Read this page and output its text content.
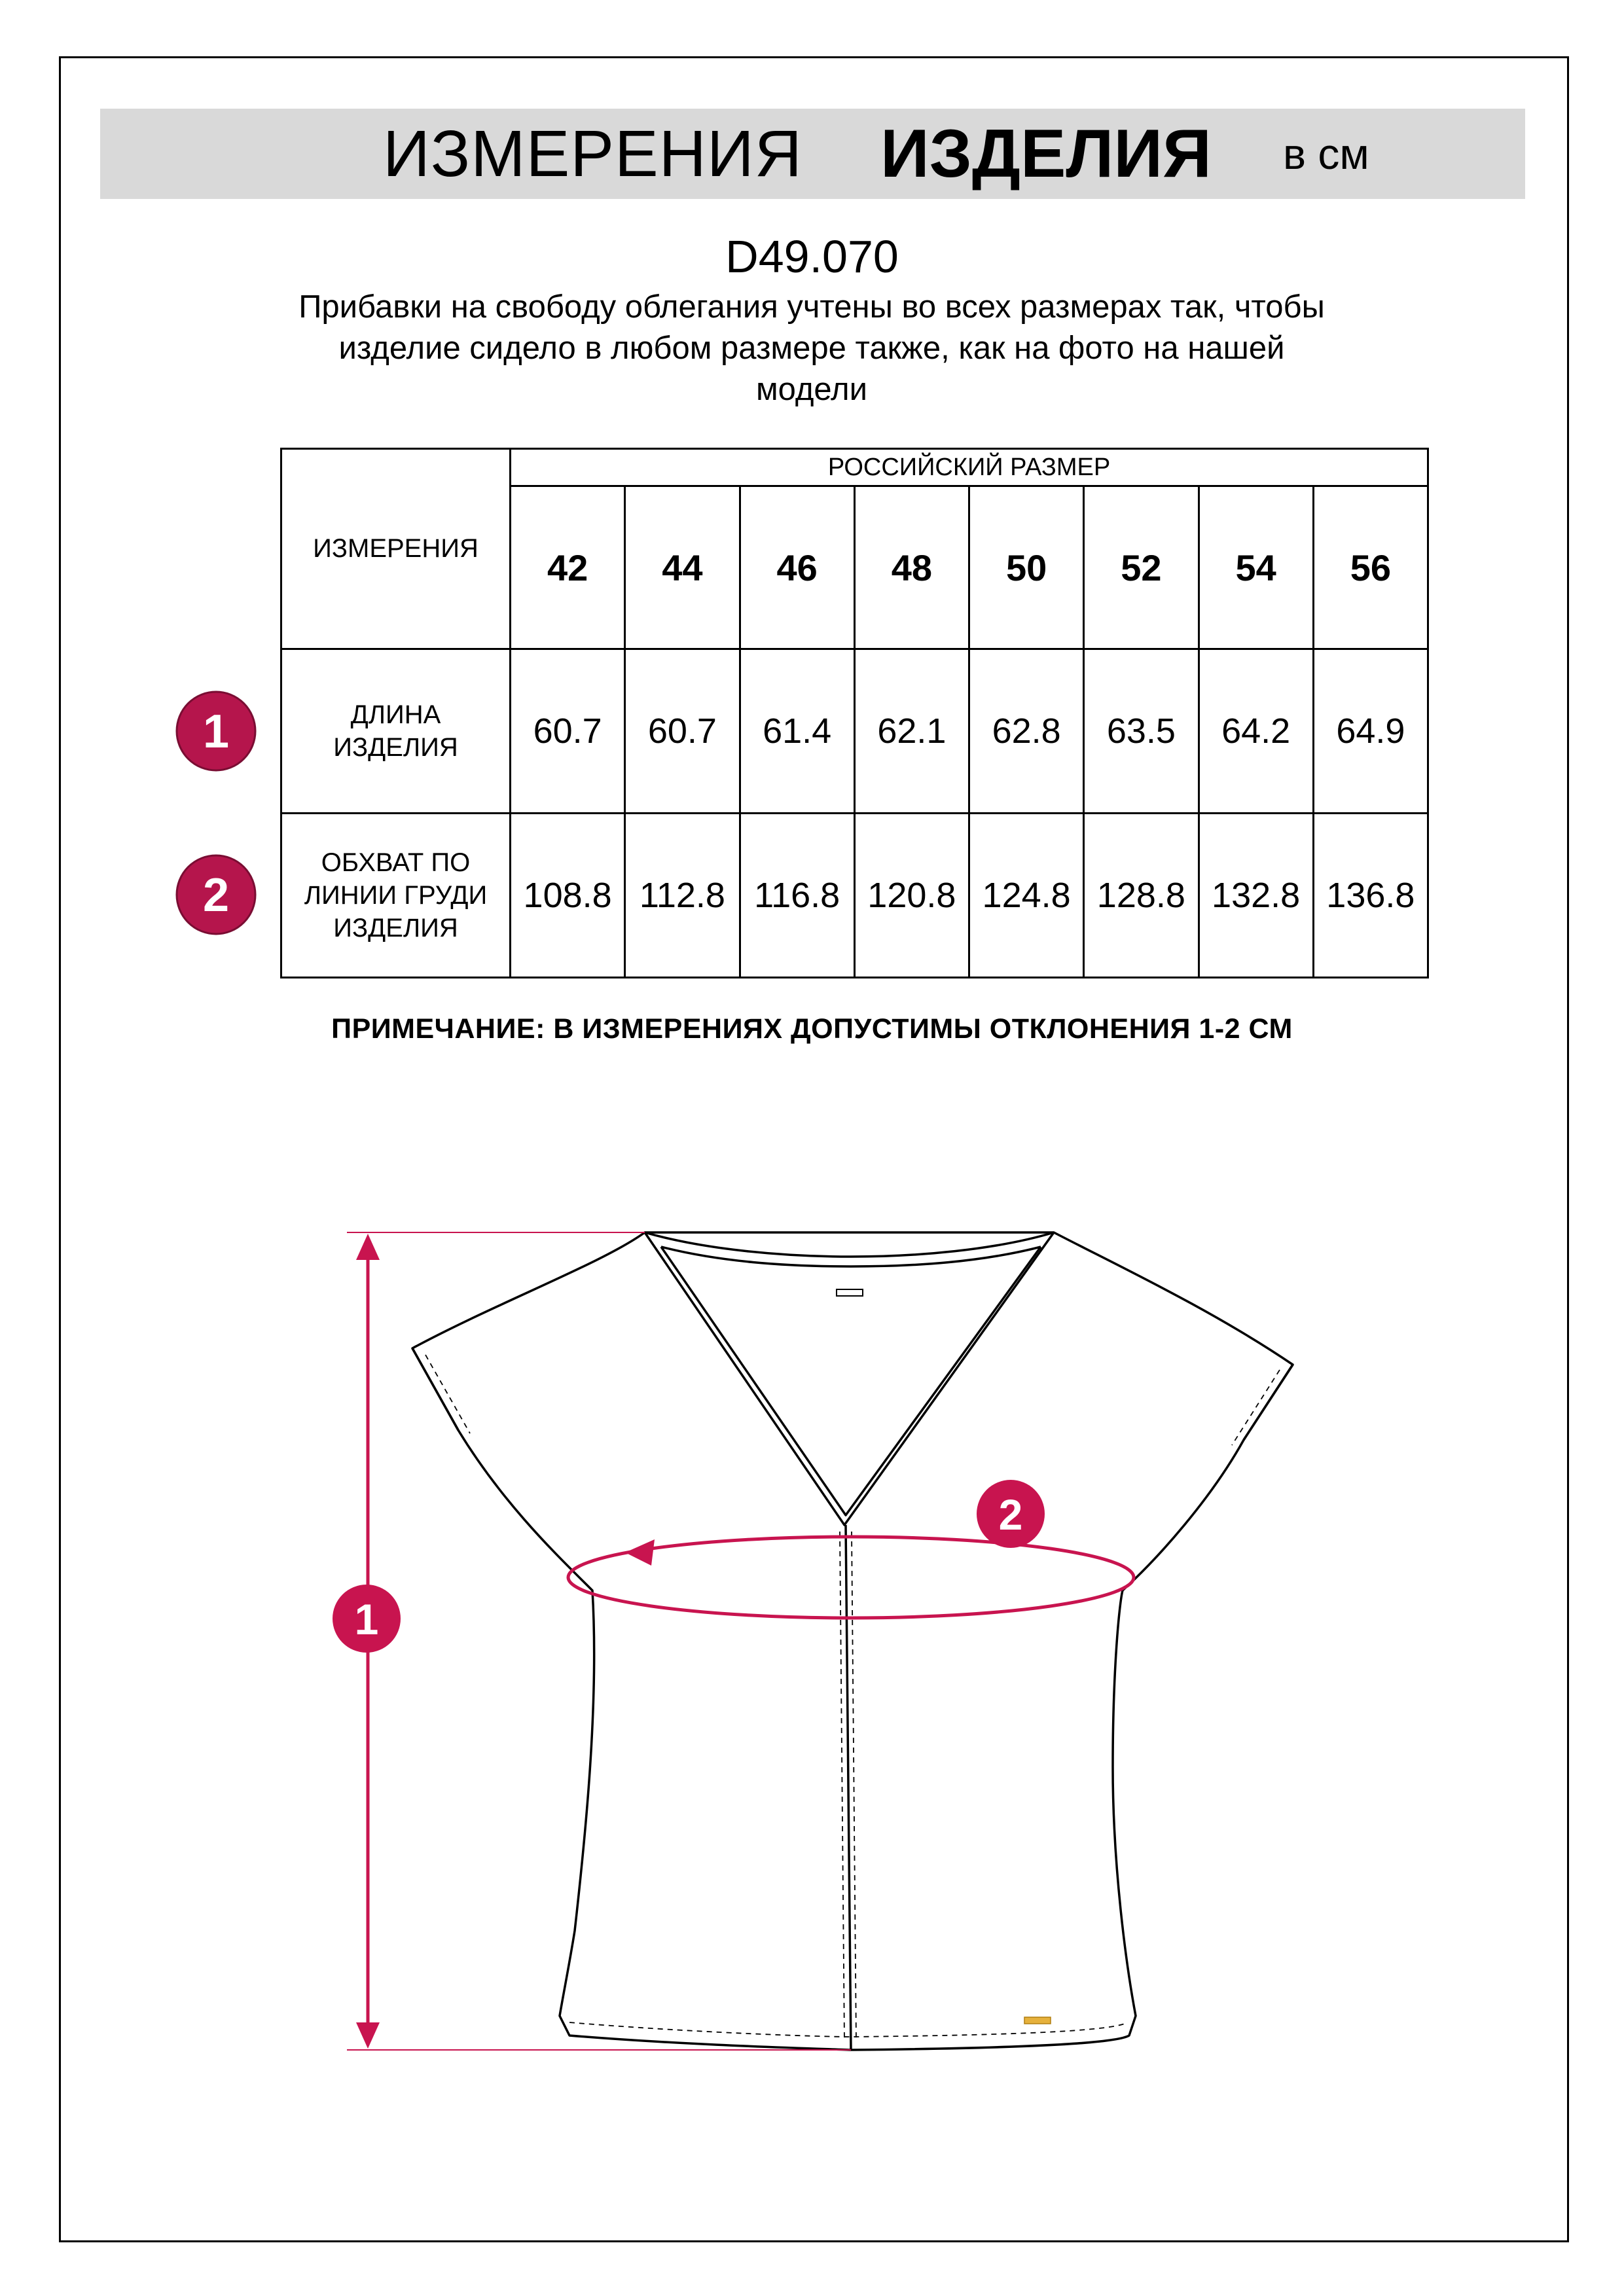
ИЗМЕРЕНИЯ ИЗДЕЛИЯ в см
D49.070
Прибавки на свободу облегания учтены во всех размерах так, чтобы
изделие сидело в любом размере также, как на фото на нашей
модели
ИЗМЕРЕНИЯ	РОССИЙСКИЙ РАЗМЕР							
	42	44	46	48	50	52	54	56

ДЛИНА
ИЗДЕЛИЯ	60.7	60.7	61.4	62.1	62.8	63.5	64.2	64.9

ОБХВАТ ПО
ЛИНИИ ГРУДИ
ИЗДЕЛИЯ	108.8	112.8	116.8	120.8	124.8	128.8	132.8	136.8
ПРИМЕЧАНИЕ: В ИЗМЕРЕНИЯХ ДОПУСТИМЫ ОТКЛОНЕНИЯ 1-2 СМ
1
2
1
2
